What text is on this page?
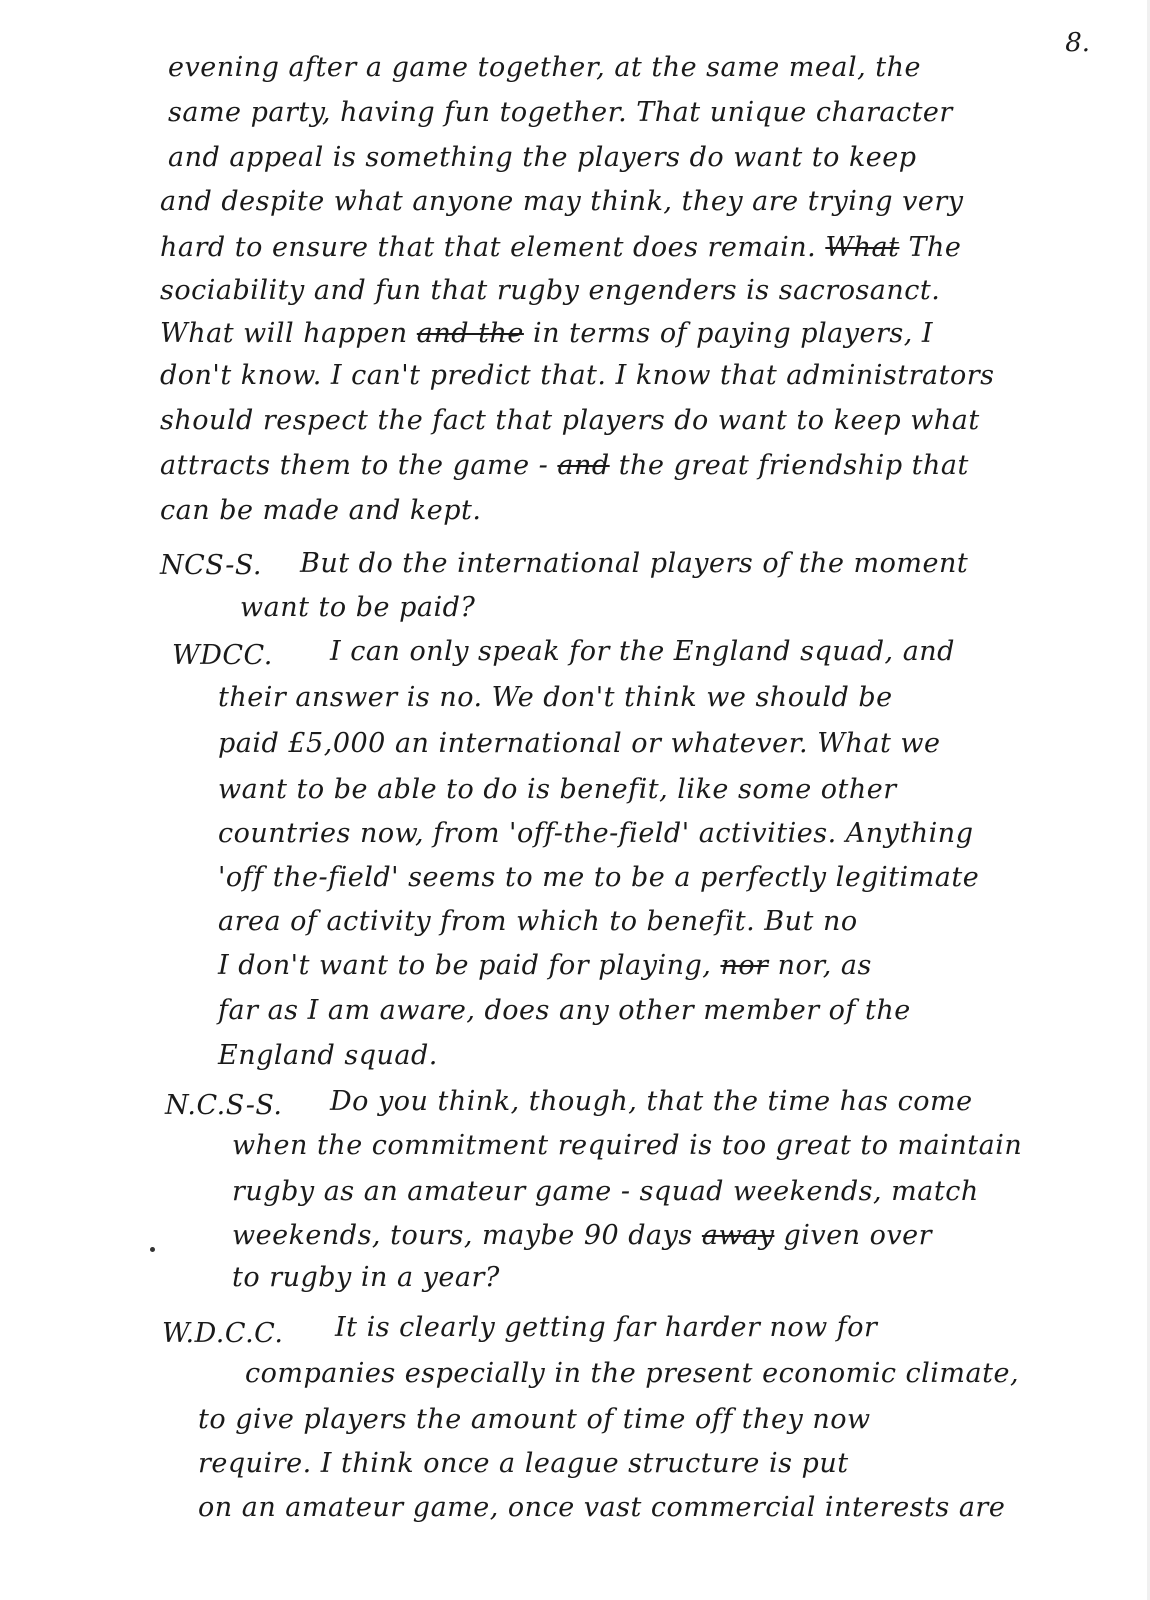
8.
evening after a game together, at the same meal, the
same party, having fun together. That unique character
and appeal is something the players do want to keep
and despite what anyone may think, they are trying very
hard to ensure that that element does remain. What The
sociability and fun that rugby engenders is sacrosanct.
What will happen and the in terms of paying players, I
don't know. I can't predict that. I know that administrators
should respect the fact that players do want to keep what
attracts them to the game - and the great friendship that
can be made and kept.
NCS-S. But do the international players of the moment
want to be paid?
WDCC. I can only speak for the England squad, and
their answer is no. We don't think we should be
paid £5,000 an international or whatever. What we
want to be able to do is benefit, like some other
countries now, from 'off-the-field' activities. Anything
'off the-field' seems to me to be a perfectly legitimate
area of activity from which to benefit. But no
I don't want to be paid for playing, nor nor, as
far as I am aware, does any other member of the
England squad.
N.C.S-S. Do you think, though, that the time has come
when the commitment required is too great to maintain
rugby as an amateur game - squad weekends, match
weekends, tours, maybe 90 days away given over
to rugby in a year?
W.D.C.C. It is clearly getting far harder now for
companies especially in the present economic climate,
to give players the amount of time off they now
require. I think once a league structure is put
on an amateur game, once vast commercial interests are
